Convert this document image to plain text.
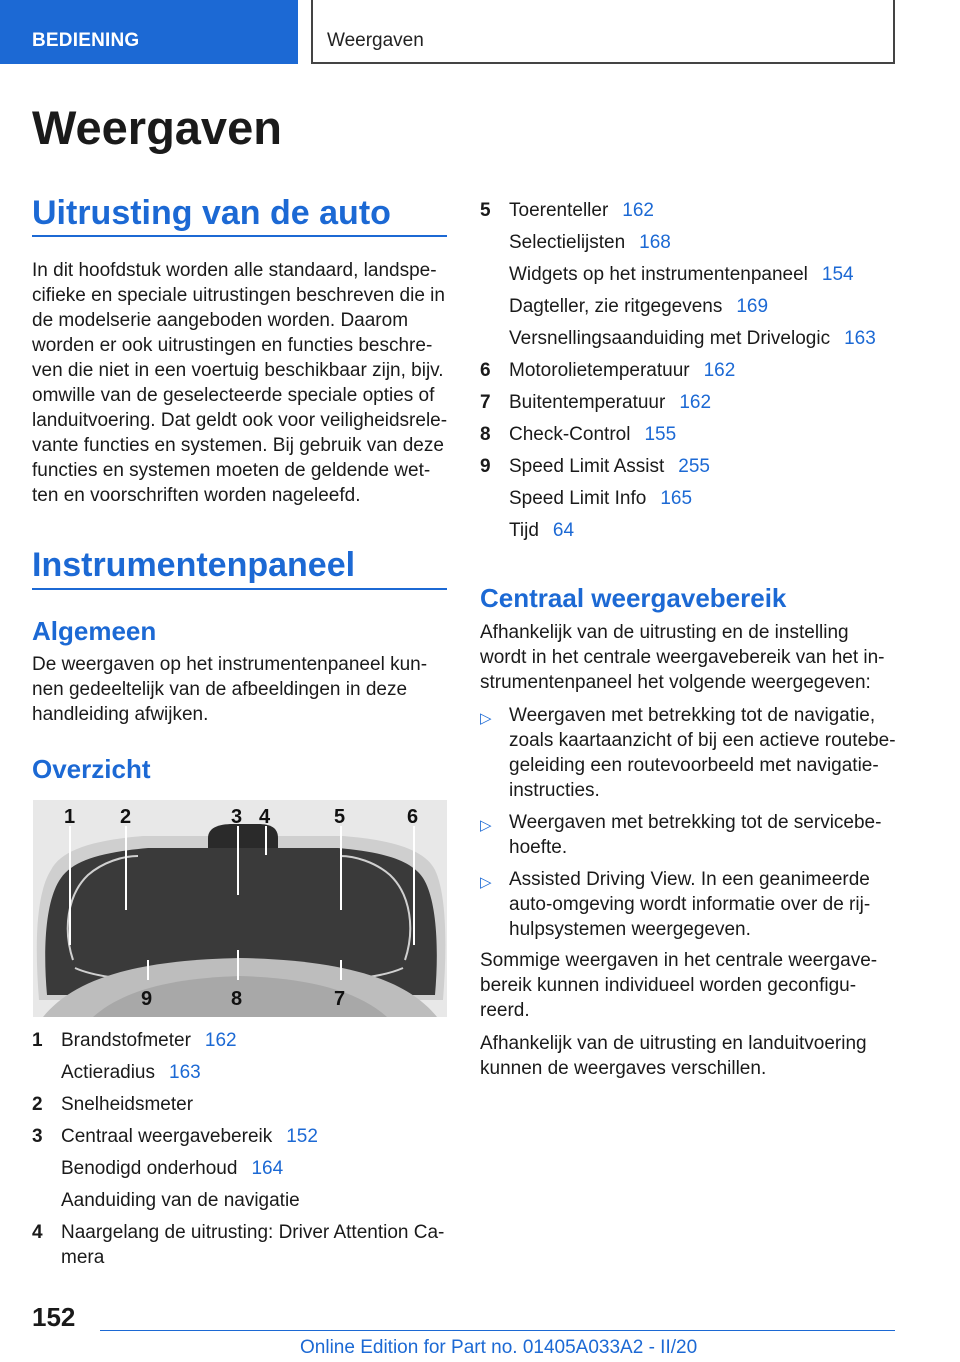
BEDIENING	Weergaven
Weergaven
Uitrusting van de auto
In dit hoofdstuk worden alle standaard, landspe-
cifieke en speciale uitrustingen beschreven die in
de modelserie aangeboden worden. Daarom
worden er ook uitrustingen en functies beschre-
ven die niet in een voertuig beschikbaar zijn, bijv.
omwille van de geselecteerde speciale opties of
landuitvoering. Dat geldt ook voor veiligheidsrele-
vante functies en systemen. Bij gebruik van deze
functies en systemen moeten de geldende wet-
ten en voorschriften worden nageleefd.
Instrumentenpaneel
Algemeen
De weergaven op het instrumentenpaneel kun-
nen gedeeltelijk van de afbeeldingen in deze
handleiding afwijken.
Overzicht
1 2	3 4	5	6
9	8	7
1 Brandstofmeter 162
Actieradius 163
2 Snelheidsmeter
3 Centraal weergavebereik 152
Benodigd onderhoud 164
Aanduiding van de navigatie
4 Naargelang de uitrusting: Driver Attention Ca-
mera
5 Toerenteller 162
Selectielijsten 168
Widgets op het instrumentenpaneel 154
Dagteller, zie ritgegevens 169
Versnellingsaanduiding met Drivelogic 163
6 Motorolietemperatuur 162
7 Buitentemperatuur 162
8 Check-Control 155
9 Speed Limit Assist 255
Speed Limit Info 165
Tijd 64
Centraal weergavebereik
Afhankelijk van de uitrusting en de instelling
wordt in het centrale weergavebereik van het in-
strumentenpaneel het volgende weergegeven:
▷ Weergaven met betrekking tot de navigatie,
zoals kaartaanzicht of bij een actieve routebe-
geleiding een routevoorbeeld met navigatie-
instructies.
▷ Weergaven met betrekking tot de servicebe-
hoefte.
▷ Assisted Driving View. In een geanimeerde
auto-omgeving wordt informatie over de rij-
hulpsystemen weergegeven.
Sommige weergaven in het centrale weergave-
bereik kunnen individueel worden geconfigu-
reerd.
Afhankelijk van de uitrusting en landuitvoering
kunnen de weergaves verschillen.
152
Online Edition for Part no. 01405A033A2 - II/20
